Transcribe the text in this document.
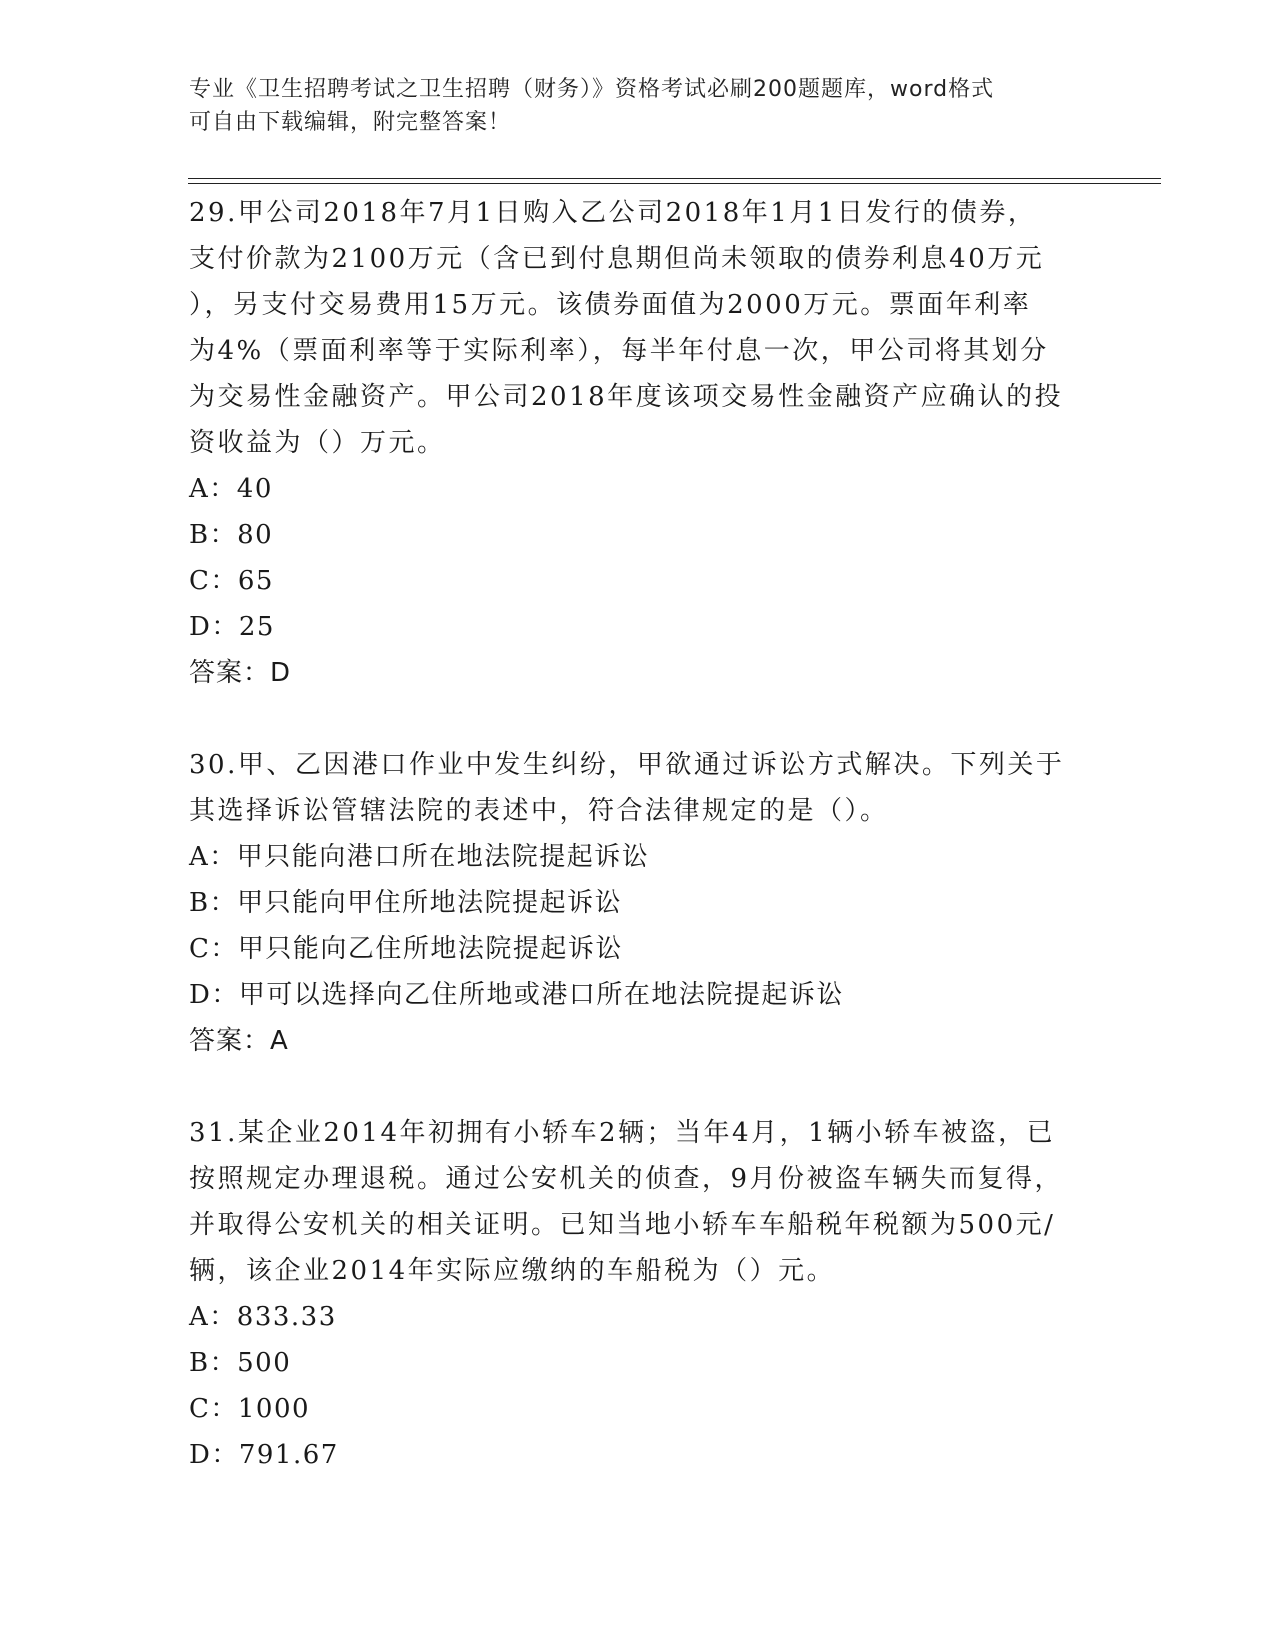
专业《卫生招聘考试之卫生招聘（财务）》资格考试必刷200题题库，word格式
可自由下载编辑，附完整答案！
29.甲公司2018年7月1日购入乙公司2018年1月1日发行的债券，
支付价款为2100万元（含已到付息期但尚未领取的债券利息40万元
），另支付交易费用15万元。该债券面值为2000万元。票面年利率
为4%（票面利率等于实际利率），每半年付息一次，甲公司将其划分
为交易性金融资产。甲公司2018年度该项交易性金融资产应确认的投
资收益为（）万元。
A：40
B：80
C：65
D：25
答案：D
30.甲、乙因港口作业中发生纠纷，甲欲通过诉讼方式解决。下列关于
其选择诉讼管辖法院的表述中，符合法律规定的是（）。
A：甲只能向港口所在地法院提起诉讼
B：甲只能向甲住所地法院提起诉讼
C：甲只能向乙住所地法院提起诉讼
D：甲可以选择向乙住所地或港口所在地法院提起诉讼
答案：A
31.某企业2014年初拥有小轿车2辆；当年4月，1辆小轿车被盗，已
按照规定办理退税。通过公安机关的侦查，9月份被盗车辆失而复得，
并取得公安机关的相关证明。已知当地小轿车车船税年税额为500元/
辆，该企业2014年实际应缴纳的车船税为（）元。
A：833.33
B：500
C：1000
D：791.67
